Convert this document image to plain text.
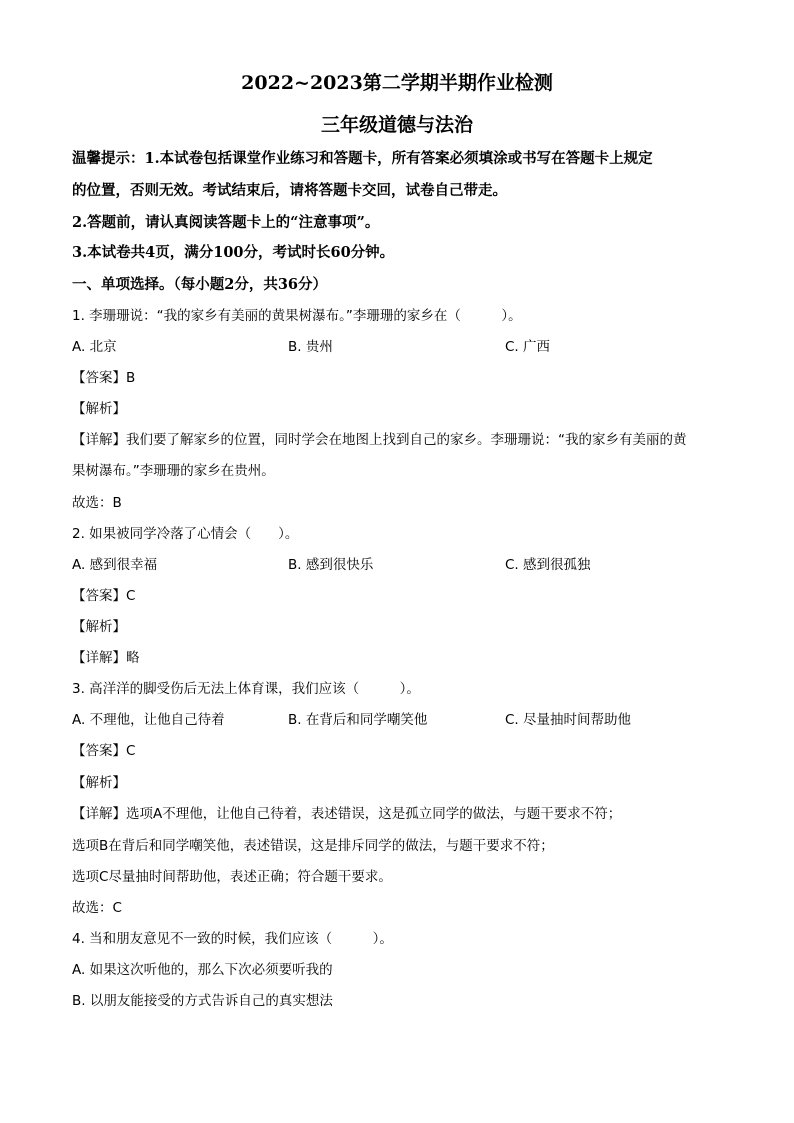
2022~2023第二学期半期作业检测
三年级道德与法治
温馨提示：1.本试卷包括课堂作业练习和答题卡，所有答案必须填涂或书写在答题卡上规定
的位置，否则无效。考试结束后，请将答题卡交回，试卷自己带走。
2.答题前，请认真阅读答题卡上的“注意事项”。
3.本试卷共4页，满分100分，考试时长60分钟。
一、单项选择。（每小题2分，共36分）
1. 李珊珊说：“我的家乡有美丽的黄果树瀑布。”李珊珊的家乡在（　　　）。
A. 北京	B. 贵州	C. 广西
【答案】B
【解析】
【详解】我们要了解家乡的位置，同时学会在地图上找到自己的家乡。李珊珊说：“我的家乡有美丽的黄
果树瀑布。”李珊珊的家乡在贵州。
故选：B
2. 如果被同学冷落了心情会（　　）。
A. 感到很幸福	B. 感到很快乐	C. 感到很孤独
【答案】C
【解析】
【详解】略
3. 高洋洋的脚受伤后无法上体育课，我们应该（　　　）。
A. 不理他，让他自己待着	B. 在背后和同学嘲笑他	C. 尽量抽时间帮助他
【答案】C
【解析】
【详解】选项A不理他，让他自己待着，表述错误，这是孤立同学的做法，与题干要求不符；
选项B在背后和同学嘲笑他，表述错误，这是排斥同学的做法，与题干要求不符；
选项C尽量抽时间帮助他，表述正确；符合题干要求。
故选：C
4. 当和朋友意见不一致的时候，我们应该（　　　）。
A. 如果这次听他的，那么下次必须要听我的
B. 以朋友能接受的方式告诉自己的真实想法
